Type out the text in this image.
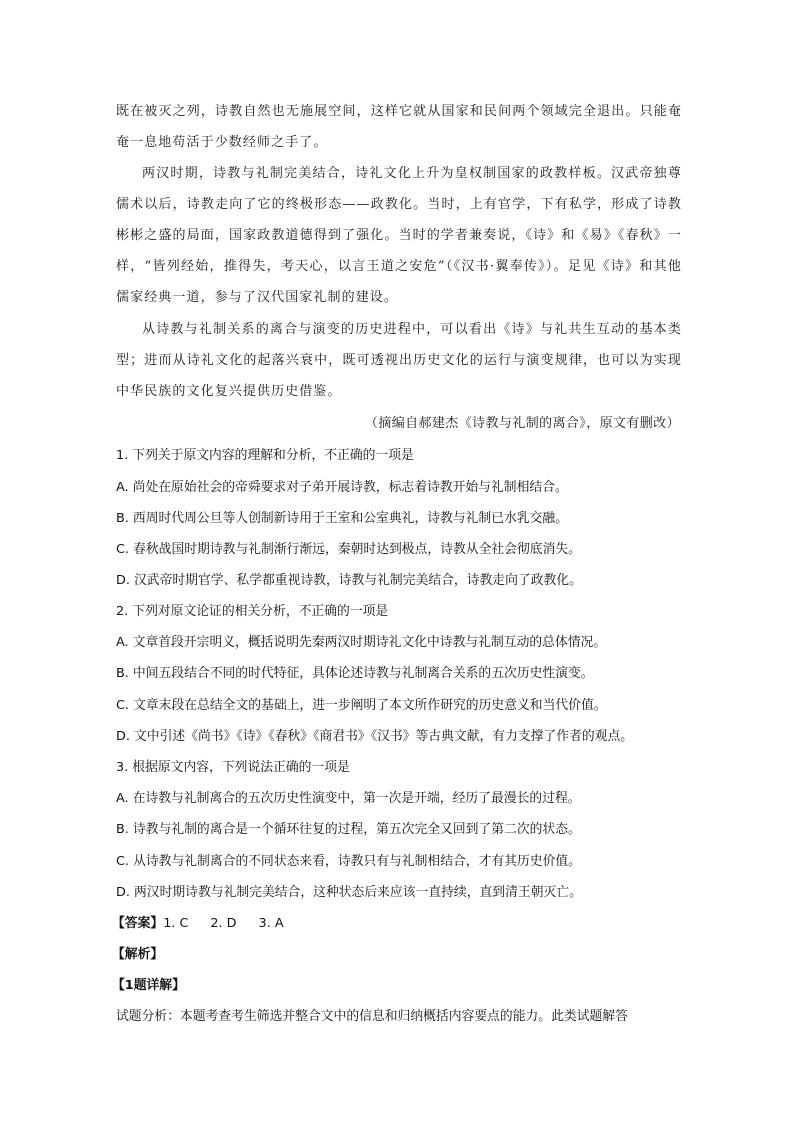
既在被灭之列，诗教自然也无施展空间，这样它就从国家和民间两个领域完全退出。只能奄奄一息地苟活于少数经师之手了。

两汉时期，诗教与礼制完美结合，诗礼文化上升为皇权制国家的政教样板。汉武帝独尊儒术以后，诗教走向了它的终极形态——政教化。当时，上有官学，下有私学，形成了诗教彬彬之盛的局面，国家政教道德得到了强化。当时的学者兼奏说，《诗》和《易》《春秋》一样，“皆列经始，推得失，考天心，以言王道之安危”（《汉书·翼奉传》）。足见《诗》和其他儒家经典一道，参与了汉代国家礼制的建设。

从诗教与礼制关系的离合与演变的历史进程中，可以看出《诗》与礼共生互动的基本类型；进而从诗礼文化的起落兴衰中，既可透视出历史文化的运行与演变规律，也可以为实现中华民族的文化复兴提供历史借鉴。

（摘编自郝建杰《诗教与礼制的离合》，原文有删改）

1. 下列关于原文内容的理解和分析，不正确的一项是

A. 尚处在原始社会的帝舜要求对子弟开展诗教，标志着诗教开始与礼制相结合。

B. 西周时代周公旦等人创制新诗用于王室和公室典礼，诗教与礼制已水乳交融。

C. 春秋战国时期诗教与礼制渐行渐远，秦朝时达到极点，诗教从全社会彻底消失。

D. 汉武帝时期官学、私学都重视诗教，诗教与礼制完美结合，诗教走向了政教化。

2. 下列对原文论证的相关分析，不正确的一项是

A. 文章首段开宗明义，概括说明先秦两汉时期诗礼文化中诗教与礼制互动的总体情况。

B. 中间五段结合不同的时代特征，具体论述诗教与礼制离合关系的五次历史性演变。

C. 文章末段在总结全文的基础上，进一步阐明了本文所作研究的历史意义和当代价值。

D. 文中引述《尚书》《诗》《春秋》《商君书》《汉书》等古典文献，有力支撑了作者的观点。

3. 根据原文内容，下列说法正确的一项是

A. 在诗教与礼制离合的五次历史性演变中，第一次是开端，经历了最漫长的过程。

B. 诗教与礼制的离合是一个循环往复的过程，第五次完全又回到了第二次的状态。

C. 从诗教与礼制离合的不同状态来看，诗教只有与礼制相结合，才有其历史价值。

D. 两汉时期诗教与礼制完美结合，这种状态后来应该一直持续，直到清王朝灭亡。

【答案】1. C 2. D 3. A

【解析】

【1题详解】

试题分析：本题考查考生筛选并整合文中的信息和归纳概括内容要点的能力。此类试题解答
